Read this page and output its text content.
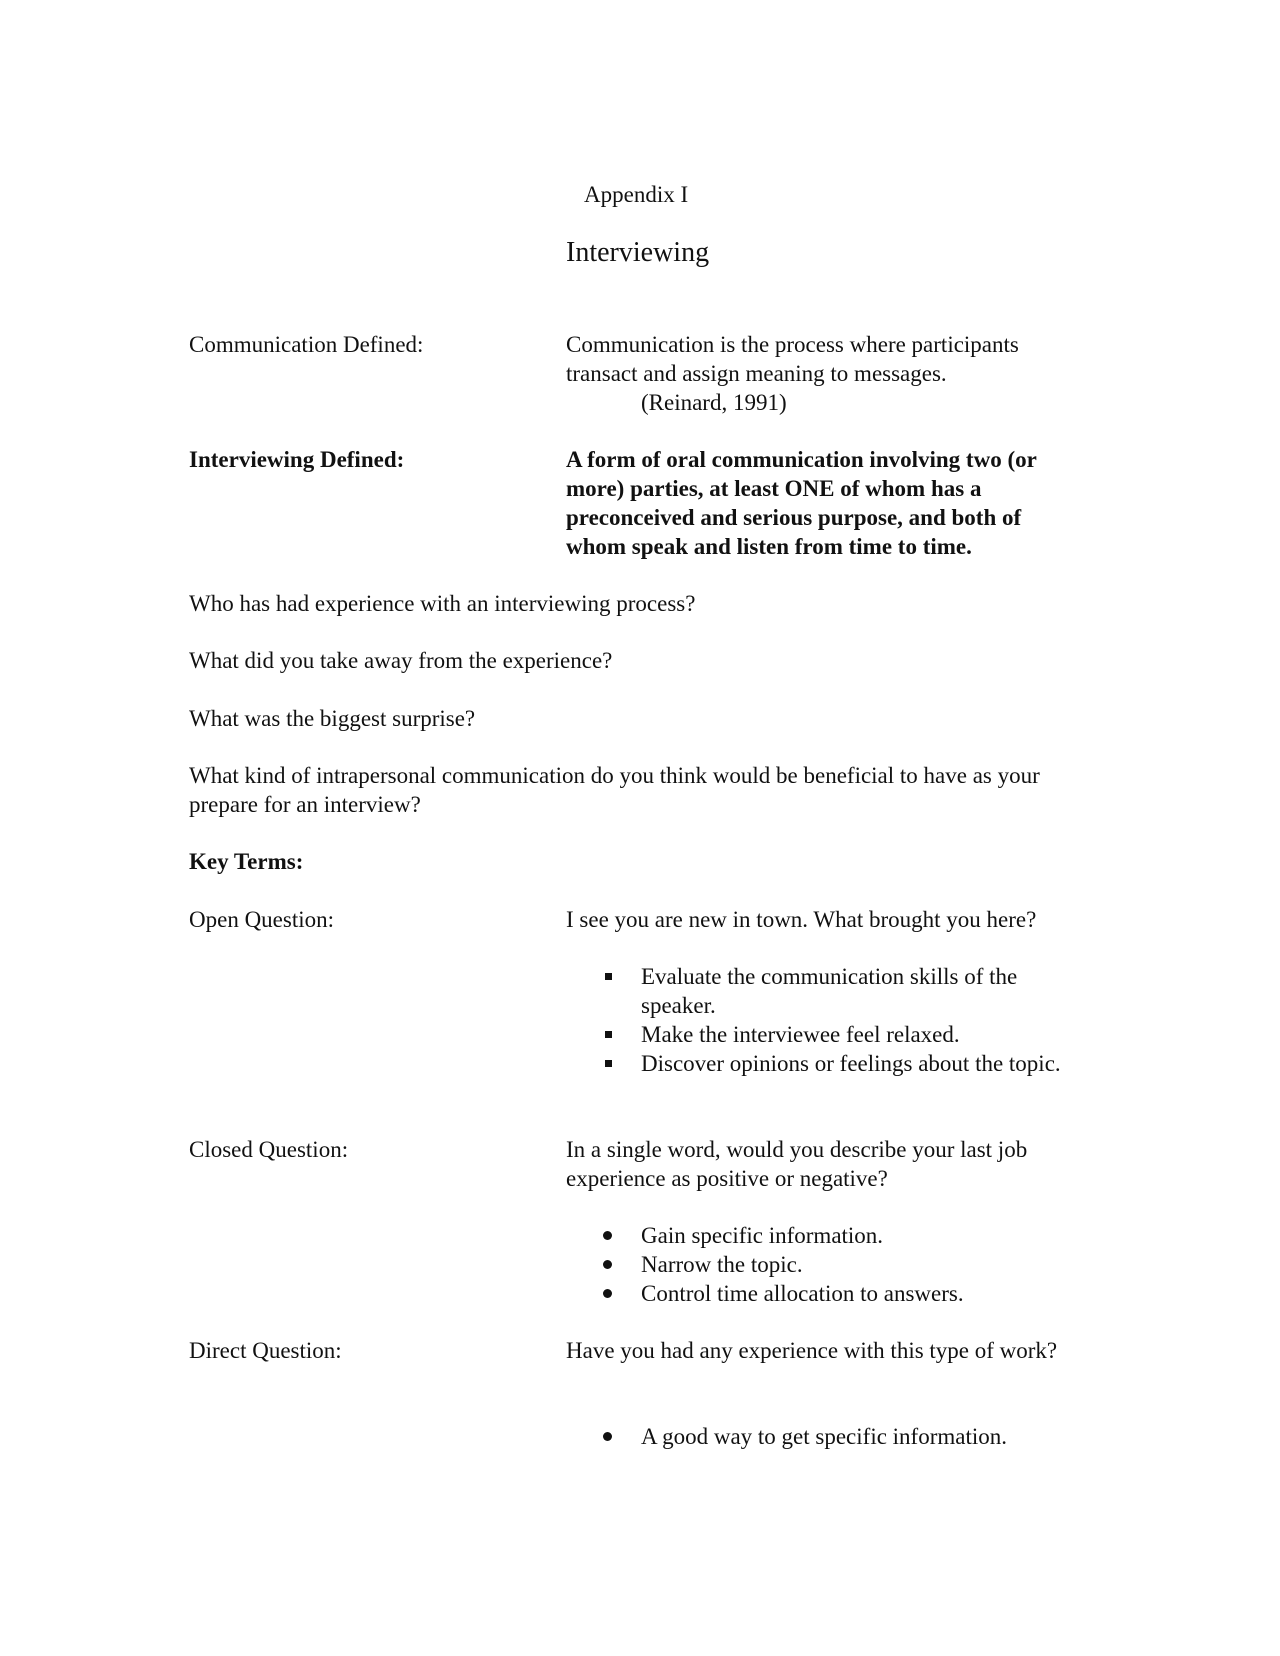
Appendix I
Interviewing
Communication Defined:	Communication is the process where participants transact and assign meaning to messages.
(Reinard, 1991)
Interviewing Defined:	A form of oral communication involving two (or more) parties, at least ONE of whom has a preconceived and serious purpose, and both of whom speak and listen from time to time.
Who has had experience with an interviewing process?
What did you take away from the experience?
What was the biggest surprise?
What kind of intrapersonal communication do you think would be beneficial to have as your prepare for an interview?
Key Terms:
Open Question:	I see you are new in town. What brought you here?
Evaluate the communication skills of the speaker.
Make the interviewee feel relaxed.
Discover opinions or feelings about the topic.
Closed Question:	In a single word, would you describe your last job experience as positive or negative?
Gain specific information.
Narrow the topic.
Control time allocation to answers.
Direct Question:	Have you had any experience with this type of work?
A good way to get specific information.
